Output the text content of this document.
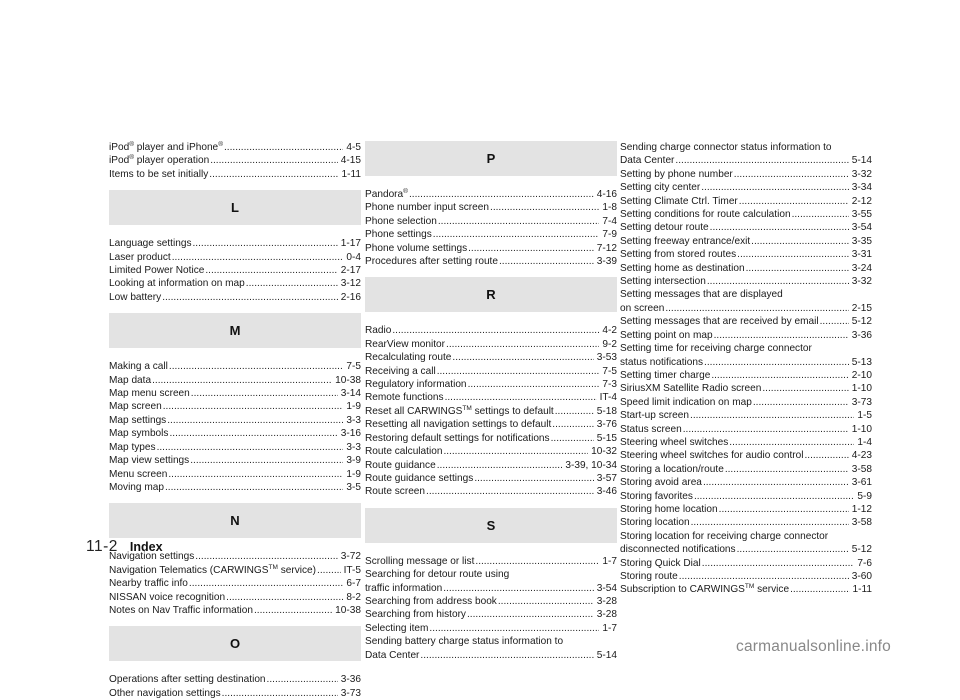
iPod® player and iPhone® .....	4-5
iPod® player operation .....	4-15
Items to be set initially .....	1-11
L
Language settings .....	1-17
Laser product .....	0-4
Limited Power Notice .....	2-17
Looking at information on map .....	3-12
Low battery .....	2-16
M
Making a call .....	7-5
Map data .....	10-38
Map menu screen .....	3-14
Map screen .....	1-9
Map settings .....	3-3
Map symbols .....	3-16
Map types .....	3-3
Map view settings .....	3-9
Menu screen .....	1-9
Moving map .....	3-5
N
Navigation settings .....	3-72
Navigation Telematics (CARWINGS™ service) .....	IT-5
Nearby traffic info .....	6-7
NISSAN voice recognition .....	8-2
Notes on Nav Traffic information .....	10-38
O
Operations after setting destination .....	3-36
Other navigation settings .....	3-73
P
Pandora® .....	4-16
Phone number input screen .....	1-8
Phone selection .....	7-4
Phone settings .....	7-9
Phone volume settings .....	7-12
Procedures after setting route .....	3-39
R
Radio .....	4-2
RearView monitor .....	9-2
Recalculating route .....	3-53
Receiving a call .....	7-5
Regulatory information .....	7-3
Remote functions .....	IT-4
Reset all CARWINGS™ settings to default .....	5-18
Resetting all navigation settings to default .....	3-76
Restoring default settings for notifications .....	5-15
Route calculation .....	10-32
Route guidance .....	3-39, 10-34
Route guidance settings .....	3-57
Route screen .....	3-46
S
Scrolling message or list .....	1-7
Searching for detour route using
traffic information .....	3-54
Searching from address book .....	3-28
Searching from history .....	3-28
Selecting item .....	1-7
Sending battery charge status information to
Data Center .....	5-14
Sending charge connector status information to
Data Center .....	5-14
Setting by phone number .....	3-32
Setting city center .....	3-34
Setting Climate Ctrl. Timer .....	2-12
Setting conditions for route calculation .....	3-55
Setting detour route .....	3-54
Setting freeway entrance/exit .....	3-35
Setting from stored routes .....	3-31
Setting home as destination .....	3-24
Setting intersection .....	3-32
Setting messages that are displayed
on screen .....	2-15
Setting messages that are received by email .....	5-12
Setting point on map .....	3-36
Setting time for receiving charge connector
status notifications .....	5-13
Setting timer charge .....	2-10
SiriusXM Satellite Radio screen .....	1-10
Speed limit indication on map .....	3-73
Start-up screen .....	1-5
Status screen .....	1-10
Steering wheel switches .....	1-4
Steering wheel switches for audio control .....	4-23
Storing a location/route .....	3-58
Storing avoid area .....	3-61
Storing favorites .....	5-9
Storing home location .....	1-12
Storing location .....	3-58
Storing location for receiving charge connector
disconnected notifications .....	5-12
Storing Quick Dial .....	7-6
Storing route .....	3-60
Subscription to CARWINGS™ service .....	1-11
11-2 Index
carmanualsonline.info
